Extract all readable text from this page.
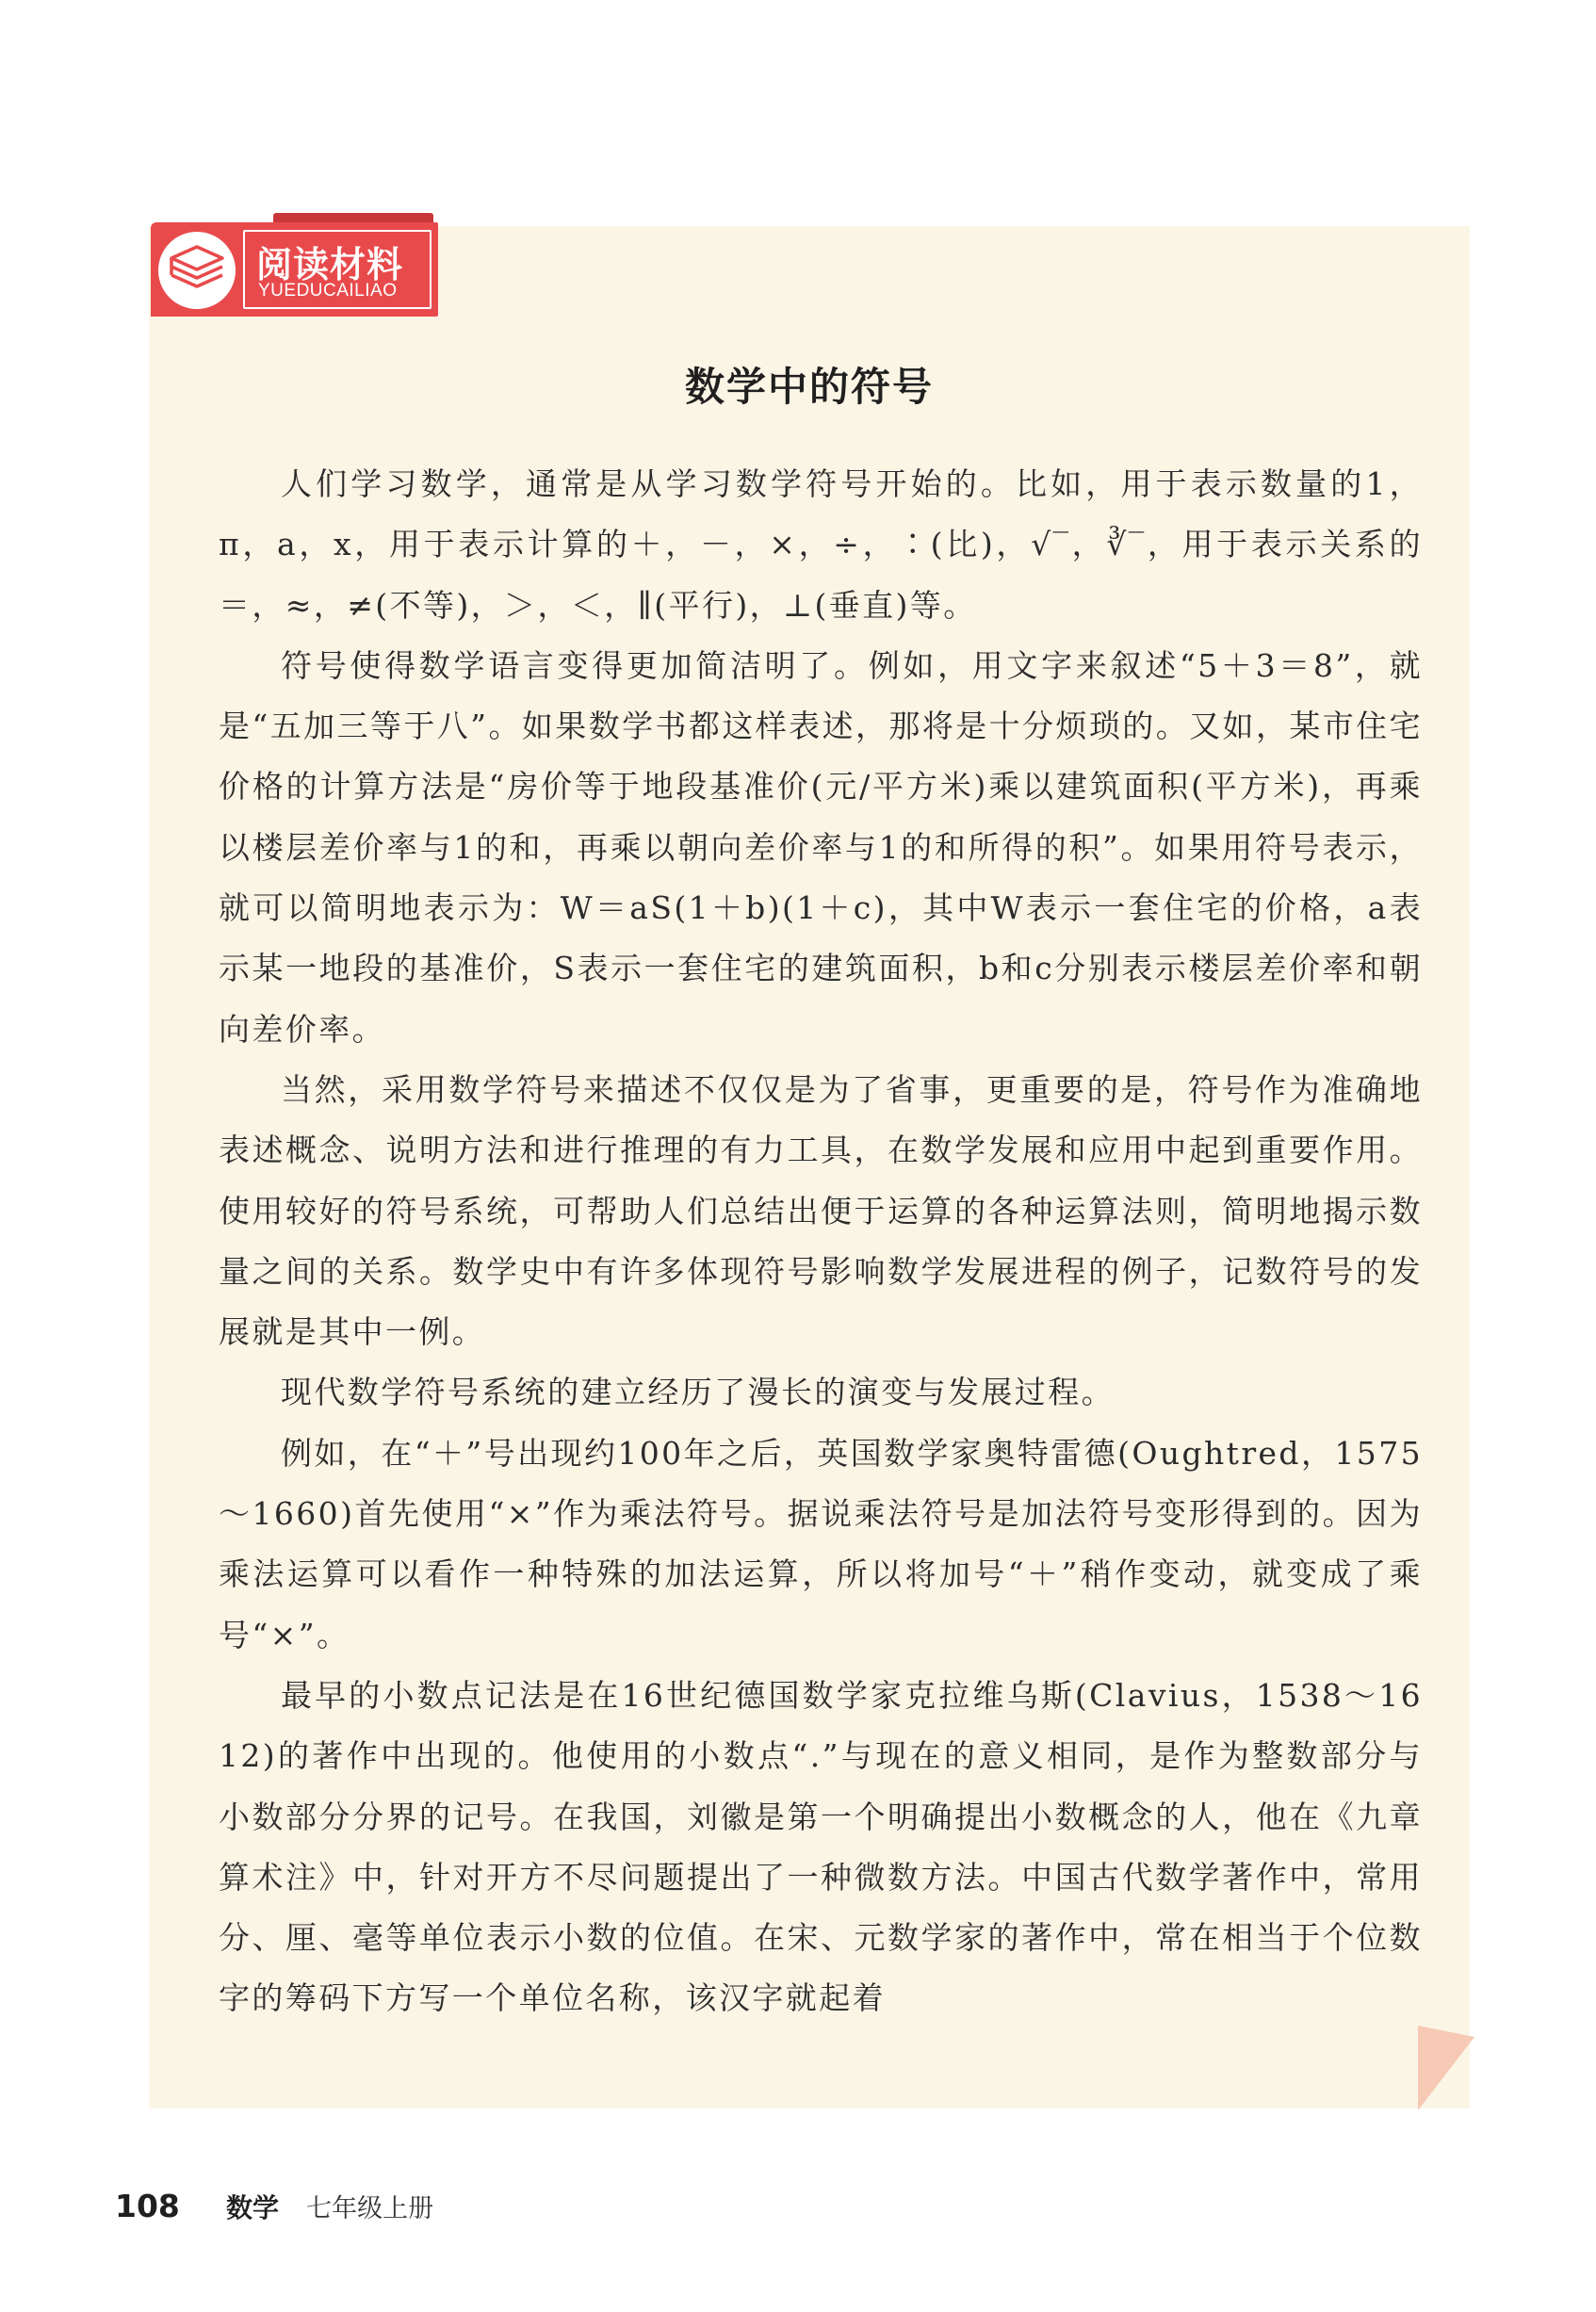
阅读材料
YUEDUCAILIAO
数学中的符号

人们学习数学，通常是从学习数学符号开始的。比如，用于表示数量的1，π，a，x，用于表示计算的＋，－，×，÷，∶(比)，√‾，∛‾，用于表示关系的＝，≈，≠(不等)，＞，＜，∥(平行)，⊥(垂直)等。

符号使得数学语言变得更加简洁明了。例如，用文字来叙述“5＋3＝8”，就是“五加三等于八”。如果数学书都这样表述，那将是十分烦琐的。又如，某市住宅价格的计算方法是“房价等于地段基准价(元/平方米)乘以建筑面积(平方米)，再乘以楼层差价率与1的和，再乘以朝向差价率与1的和所得的积”。如果用符号表示，就可以简明地表示为：W＝aS(1＋b)(1＋c)，其中W表示一套住宅的价格，a表示某一地段的基准价，S表示一套住宅的建筑面积，b和c分别表示楼层差价率和朝向差价率。

当然，采用数学符号来描述不仅仅是为了省事，更重要的是，符号作为准确地表述概念、说明方法和进行推理的有力工具，在数学发展和应用中起到重要作用。使用较好的符号系统，可帮助人们总结出便于运算的各种运算法则，简明地揭示数量之间的关系。数学史中有许多体现符号影响数学发展进程的例子，记数符号的发展就是其中一例。

现代数学符号系统的建立经历了漫长的演变与发展过程。

例如，在“＋”号出现约100年之后，英国数学家奥特雷德(Oughtred，1575～1660)首先使用“×”作为乘法符号。据说乘法符号是加法符号变形得到的。因为乘法运算可以看作一种特殊的加法运算，所以将加号“＋”稍作变动，就变成了乘号“×”。

最早的小数点记法是在16世纪德国数学家克拉维乌斯(Clavius，1538～1612)的著作中出现的。他使用的小数点“.”与现在的意义相同，是作为整数部分与小数部分分界的记号。在我国，刘徽是第一个明确提出小数概念的人，他在《九章算术注》中，针对开方不尽问题提出了一种微数方法。中国古代数学著作中，常用分、厘、毫等单位表示小数的位值。在宋、元数学家的著作中，常在相当于个位数字的筹码下方写一个单位名称，该汉字就起着

108 数学 七年级上册
